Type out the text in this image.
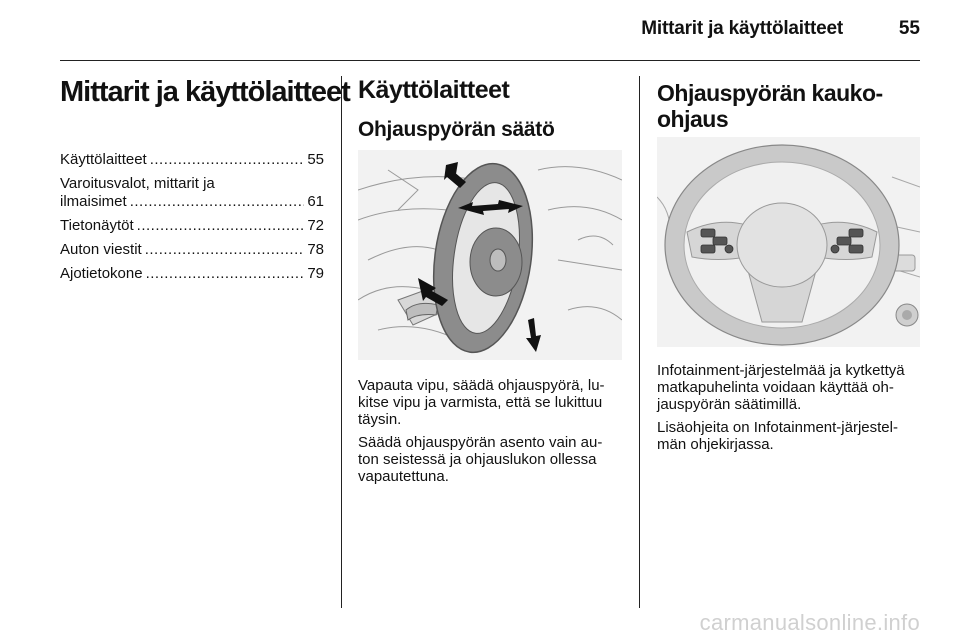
Mittarit ja käyttölaitteet	55
Mittarit ja käyttölaitteet
Käyttölaitteet .....	55
Varoitusvalot, mittarit ja
ilmaisimet .....	61
Tietonäytöt .....	72
Auton viestit .....	78
Ajotietokone .....	79
Käyttölaitteet
Ohjauspyörän säätö

Vapauta vipu, säädä ohjauspyörä, lu-
kitse vipu ja varmista, että se lukittuu
täysin.

Säädä ohjauspyörän asento vain au-
ton seistessä ja ohjauslukon ollessa
vapautettuna.

Ohjauspyörän kauko-
ohjaus

Infotainment-järjestelmää ja kytkettyä
matkapuhelinta voidaan käyttää oh-
jauspyörän säätimillä.

Lisäohjeita on Infotainment-järjestel-
män ohjekirjassa.

carmanualsonline.info
